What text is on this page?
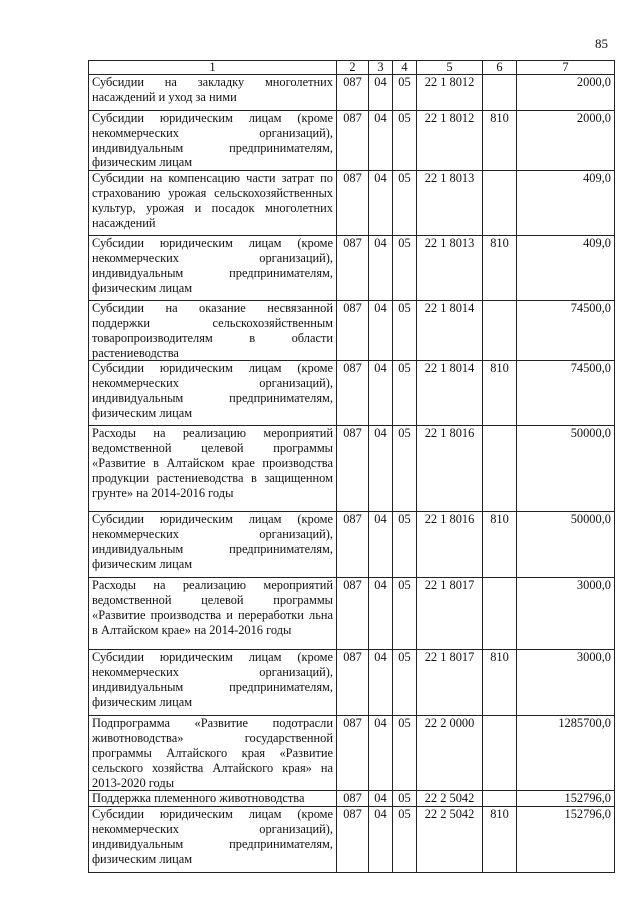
85
1	2	3	4	5	6	7
Субсидии на закладку многолетних насаждений и уход за ними	087	04	05	22 1 8012		2000,0
Субсидии юридическим лицам (кроме некоммерческих организаций), индивидуальным предпринимателям, физическим лицам	087	04	05	22 1 8012	810	2000,0
Субсидии на компенсацию части затрат по страхованию урожая сельскохозяйственных культур, урожая и посадок многолетних насаждений	087	04	05	22 1 8013		409,0
Субсидии юридическим лицам (кроме некоммерческих организаций), индивидуальным предпринимателям, физическим лицам	087	04	05	22 1 8013	810	409,0
Субсидии на оказание несвязанной поддержки сельскохозяйственным товаропроизводителям в области растениеводства	087	04	05	22 1 8014		74500,0
Субсидии юридическим лицам (кроме некоммерческих организаций), индивидуальным предпринимателям, физическим лицам	087	04	05	22 1 8014	810	74500,0
Расходы на реализацию мероприятий ведомственной целевой программы «Развитие в Алтайском крае производства продукции растениеводства в защищенном грунте» на 2014-2016 годы	087	04	05	22 1 8016		50000,0
Субсидии юридическим лицам (кроме некоммерческих организаций), индивидуальным предпринимателям, физическим лицам	087	04	05	22 1 8016	810	50000,0
Расходы на реализацию мероприятий ведомственной целевой программы «Развитие производства и переработки льна в Алтайском крае» на 2014-2016 годы	087	04	05	22 1 8017		3000,0
Субсидии юридическим лицам (кроме некоммерческих организаций), индивидуальным предпринимателям, физическим лицам	087	04	05	22 1 8017	810	3000,0
Подпрограмма «Развитие подотрасли животноводства» государственной программы Алтайского края «Развитие сельского хозяйства Алтайского края» на 2013-2020 годы	087	04	05	22 2 0000		1285700,0
Поддержка племенного животноводства	087	04	05	22 2 5042		152796,0
Субсидии юридическим лицам (кроме некоммерческих организаций), индивидуальным предпринимателям, физическим лицам	087	04	05	22 2 5042	810	152796,0
